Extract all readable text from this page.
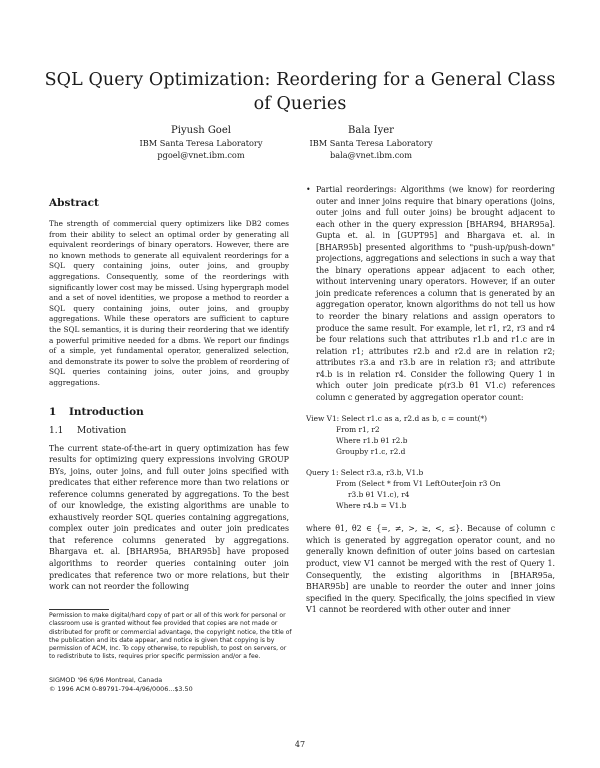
SQL Query Optimization: Reordering for a General Class of Queries
Piyush Goel
IBM Santa Teresa Laboratory
pgoel@vnet.ibm.com
Bala Iyer
IBM Santa Teresa Laboratory
bala@vnet.ibm.com
Abstract

The strength of commercial query optimizers like DB2 comes from their ability to select an optimal order by generating all equivalent reorderings of binary operators. However, there are no known methods to generate all equivalent reorderings for a SQL query containing joins, outer joins, and groupby aggregations. Consequently, some of the reorderings with significantly lower cost may be missed. Using hypergraph model and a set of novel identities, we propose a method to reorder a SQL query containing joins, outer joins, and groupby aggregations. While these operators are sufficient to capture the SQL semantics, it is during their reordering that we identify a powerful primitive needed for a dbms. We report our findings of a simple, yet fundamental operator, generalized selection, and demonstrate its power to solve the problem of reordering of SQL queries containing joins, outer joins, and groupby aggregations.

1 Introduction
1.1 Motivation

The current state-of-the-art in query optimization has few results for optimizing query expressions involving GROUP BYs, joins, outer joins, and full outer joins specified with predicates that either reference more than two relations or reference columns generated by aggregations. To the best of our knowledge, the existing algorithms are unable to exhaustively reorder SQL queries containing aggregations, complex outer join predicates and outer join predicates that reference columns generated by aggregations. Bhargava et. al. [BHAR95a, BHAR95b] have proposed algorithms to reorder queries containing outer join predicates that reference two or more relations, but their work can not reorder the following

Permission to make digital/hard copy of part or all of this work for personal or classroom use is granted without fee provided that copies are not made or distributed for profit or commercial advantage, the copyright notice, the title of the publication and its date appear, and notice is given that copying is by permission of ACM, Inc. To copy otherwise, to republish, to post on servers, or to redistribute to lists, requires prior specific permission and/or a fee.
SIGMOD '96 6/96 Montreal, Canada
© 1996 ACM 0-89791-794-4/96/0006...$3.50

• Partial reorderings: Algorithms (we know) for reordering outer and inner joins require that binary operations (joins, outer joins and full outer joins) be brought adjacent to each other in the query expression [BHAR94, BHAR95a]. Gupta et. al. in [GUPT95] and Bhargava et. al. in [BHAR95b] presented algorithms to "push-up/push-down" projections, aggregations and selections in such a way that the binary operations appear adjacent to each other, without intervening unary operators. However, if an outer join predicate references a column that is generated by an aggregation operator, known algorithms do not tell us how to reorder the binary relations and assign operators to produce the same result. For example, let r1, r2, r3 and r4 be four relations such that attributes r1.b and r1.c are in relation r1; attributes r2.b and r2.d are in relation r2; attributes r3.a and r3.b are in relation r3; and attribute r4.b is in relation r4. Consider the following Query 1 in which outer join predicate p(r3.b θ1 V1.c) references column c generated by aggregation operator count:

View V1: Select r1.c as a, r2.d as b, c = count(*)
From r1, r2
Where r1.b θ1 r2.b
Groupby r1.c, r2.d
Query 1: Select r3.a, r3.b, V1.b
From (Select * from V1 LeftOuterJoin r3 On
r3.b θ1 V1.c), r4
Where r4.b = V1.b

where θ1, θ2 ∈ {=, ≠, >, ≥, <, ≤}. Because of column c which is generated by aggregation operator count, and no generally known definition of outer joins based on cartesian product, view V1 cannot be merged with the rest of Query 1. Consequently, the existing algorithms in [BHAR95a, BHAR95b] are unable to reorder the outer and inner joins specified in the query. Specifically, the joins specified in view V1 cannot be reordered with other outer and inner

47
